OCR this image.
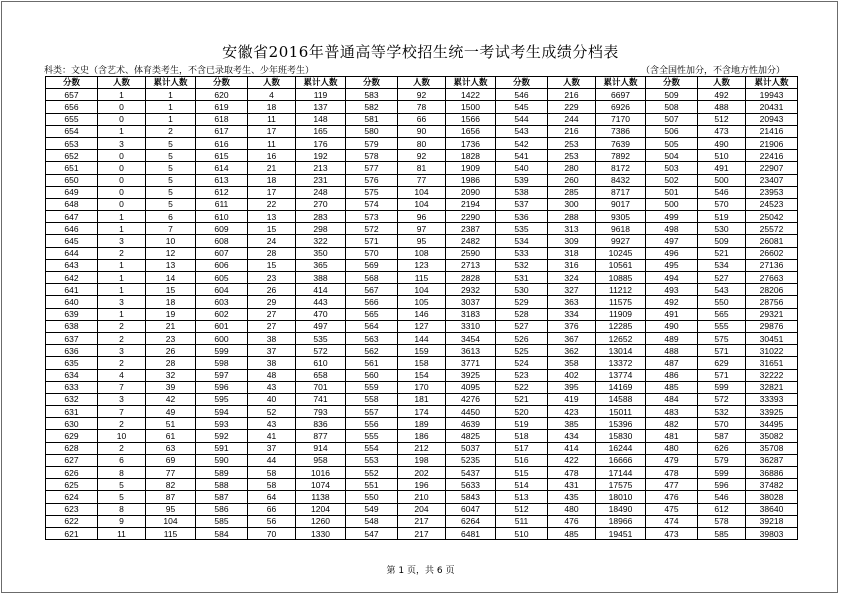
安徽省2016年普通高等学校招生统一考试考生成绩分档表
科类：文史（含艺术、体育类考生，不含已录取考生、少年班考生）	（含全国性加分，不含地方性加分）
分数	人数	累计人数	分数	人数	累计人数	分数	人数	累计人数	分数	人数	累计人数	分数	人数	累计人数
657	1	1	620	4	119	583	92	1422	546	216	6697	509	492	19943
656	0	1	619	18	137	582	78	1500	545	229	6926	508	488	20431
655	0	1	618	11	148	581	66	1566	544	244	7170	507	512	20943
654	1	2	617	17	165	580	90	1656	543	216	7386	506	473	21416
653	3	5	616	11	176	579	80	1736	542	253	7639	505	490	21906
652	0	5	615	16	192	578	92	1828	541	253	7892	504	510	22416
651	0	5	614	21	213	577	81	1909	540	280	8172	503	491	22907
650	0	5	613	18	231	576	77	1986	539	260	8432	502	500	23407
649	0	5	612	17	248	575	104	2090	538	285	8717	501	546	23953
648	0	5	611	22	270	574	104	2194	537	300	9017	500	570	24523
647	1	6	610	13	283	573	96	2290	536	288	9305	499	519	25042
646	1	7	609	15	298	572	97	2387	535	313	9618	498	530	25572
645	3	10	608	24	322	571	95	2482	534	309	9927	497	509	26081
644	2	12	607	28	350	570	108	2590	533	318	10245	496	521	26602
643	1	13	606	15	365	569	123	2713	532	316	10561	495	534	27136
642	1	14	605	23	388	568	115	2828	531	324	10885	494	527	27663
641	1	15	604	26	414	567	104	2932	530	327	11212	493	543	28206
640	3	18	603	29	443	566	105	3037	529	363	11575	492	550	28756
639	1	19	602	27	470	565	146	3183	528	334	11909	491	565	29321
638	2	21	601	27	497	564	127	3310	527	376	12285	490	555	29876
637	2	23	600	38	535	563	144	3454	526	367	12652	489	575	30451
636	3	26	599	37	572	562	159	3613	525	362	13014	488	571	31022
635	2	28	598	38	610	561	158	3771	524	358	13372	487	629	31651
634	4	32	597	48	658	560	154	3925	523	402	13774	486	571	32222
633	7	39	596	43	701	559	170	4095	522	395	14169	485	599	32821
632	3	42	595	40	741	558	181	4276	521	419	14588	484	572	33393
631	7	49	594	52	793	557	174	4450	520	423	15011	483	532	33925
630	2	51	593	43	836	556	189	4639	519	385	15396	482	570	34495
629	10	61	592	41	877	555	186	4825	518	434	15830	481	587	35082
628	2	63	591	37	914	554	212	5037	517	414	16244	480	626	35708
627	6	69	590	44	958	553	198	5235	516	422	16666	479	579	36287
626	8	77	589	58	1016	552	202	5437	515	478	17144	478	599	36886
625	5	82	588	58	1074	551	196	5633	514	431	17575	477	596	37482
624	5	87	587	64	1138	550	210	5843	513	435	18010	476	546	38028
623	8	95	586	66	1204	549	204	6047	512	480	18490	475	612	38640
622	9	104	585	56	1260	548	217	6264	511	476	18966	474	578	39218
621	11	115	584	70	1330	547	217	6481	510	485	19451	473	585	39803
第 1 页，共 6 页
